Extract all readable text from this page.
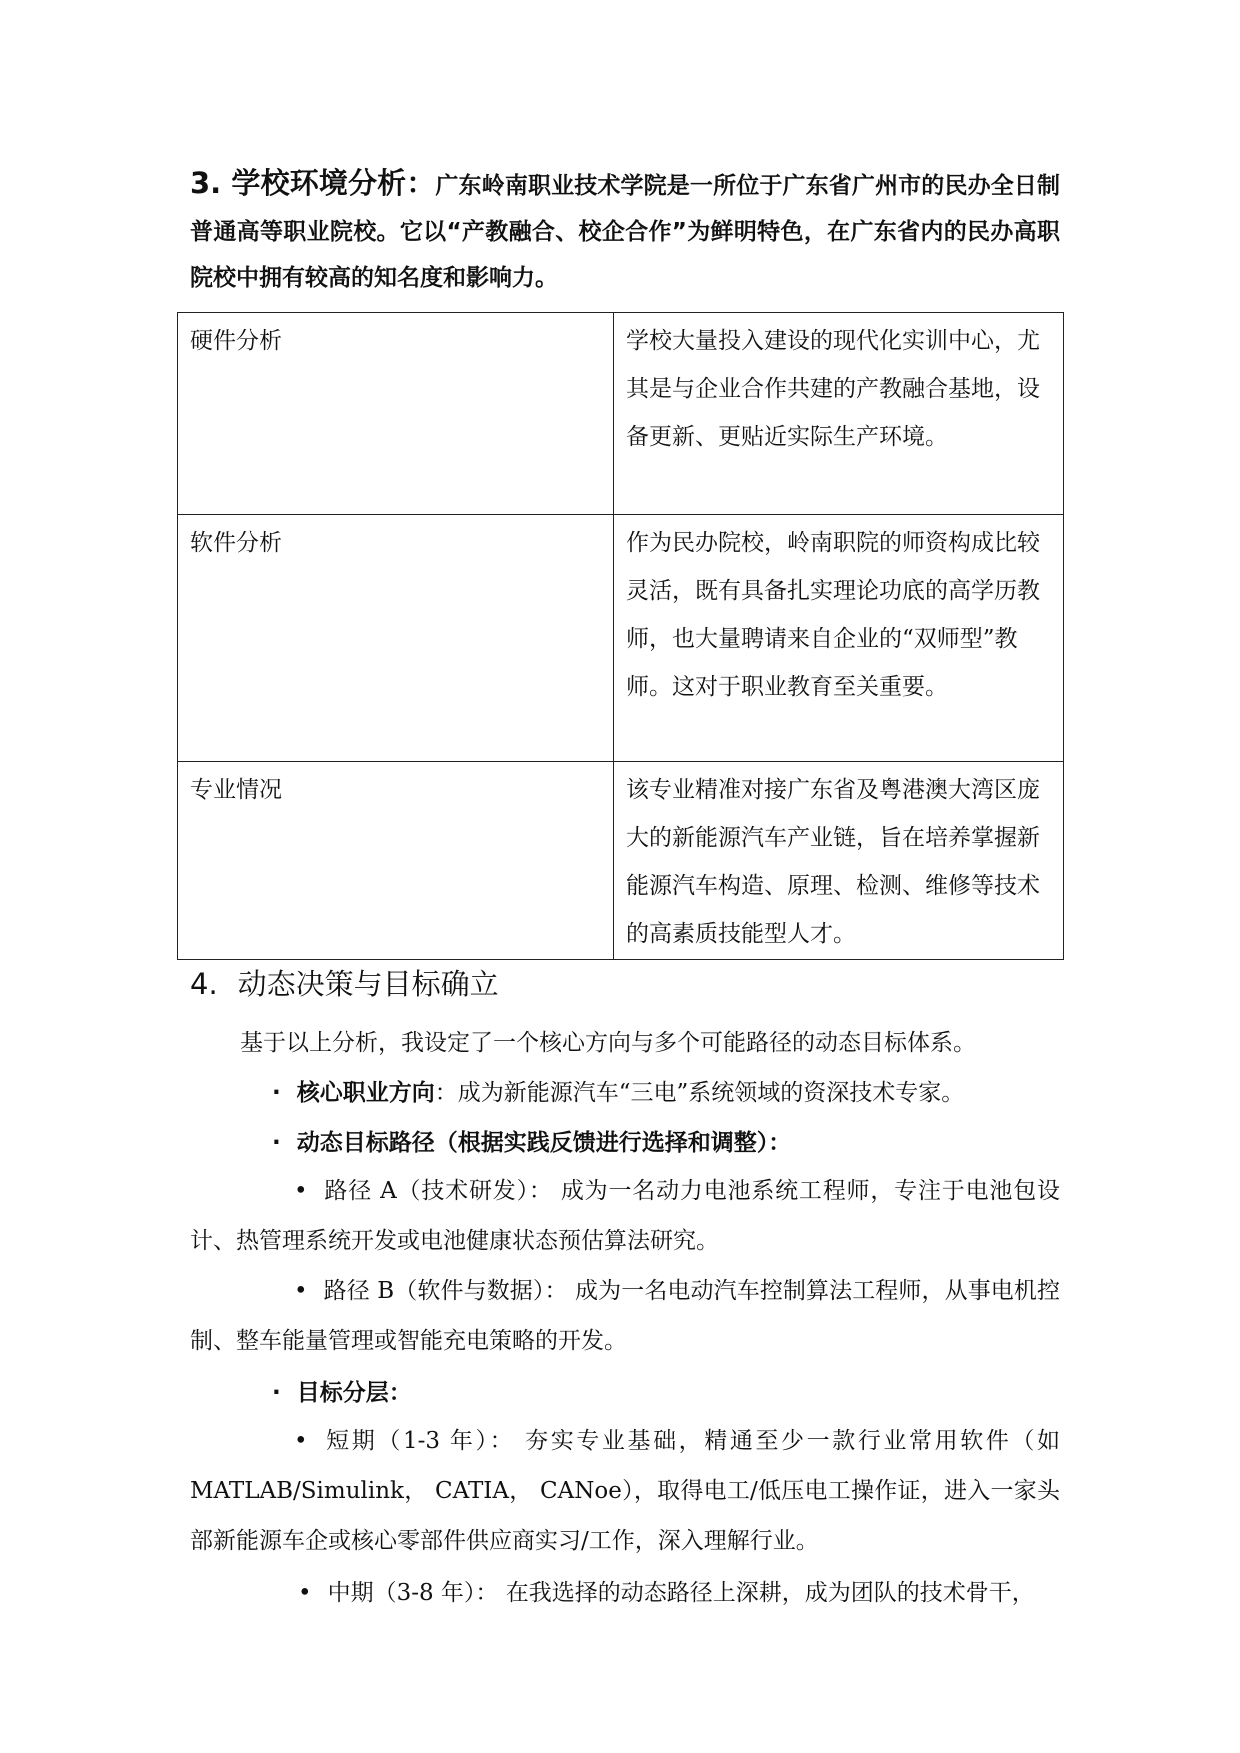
3. 学校环境分析：广东岭南职业技术学院是一所位于广东省广州市的民办全日制普通高等职业院校。它以“产教融合、校企合作”为鲜明特色，在广东省内的民办高职院校中拥有较高的知名度和影响力。
硬件分析	学校大量投入建设的现代化实训中心，尤其是与企业合作共建的产教融合基地，设备更新、更贴近实际生产环境。
软件分析	作为民办院校，岭南职院的师资构成比较灵活，既有具备扎实理论功底的高学历教师，也大量聘请来自企业的“双师型”教师。这对于职业教育至关重要。
专业情况	该专业精准对接广东省及粤港澳大湾区庞大的新能源汽车产业链，旨在培养掌握新能源汽车构造、原理、检测、维修等技术的高素质技能型人才。
4. 动态决策与目标确立
基于以上分析，我设定了一个核心方向与多个可能路径的动态目标体系。
· 核心职业方向：成为新能源汽车“三电”系统领域的资深技术专家。
· 动态目标路径（根据实践反馈进行选择和调整）：
• 路径 A（技术研发）： 成为一名动力电池系统工程师，专注于电池包设计、热管理系统开发或电池健康状态预估算法研究。
• 路径 B（软件与数据）： 成为一名电动汽车控制算法工程师，从事电机控制、整车能量管理或智能充电策略的开发。
· 目标分层：
• 短期（1-3 年）： 夯实专业基础，精通至少一款行业常用软件（如 MATLAB/Simulink， CATIA， CANoe），取得电工/低压电工操作证，进入一家头部新能源车企或核心零部件供应商实习/工作，深入理解行业。
• 中期（3-8 年）： 在我选择的动态路径上深耕，成为团队的技术骨干，
